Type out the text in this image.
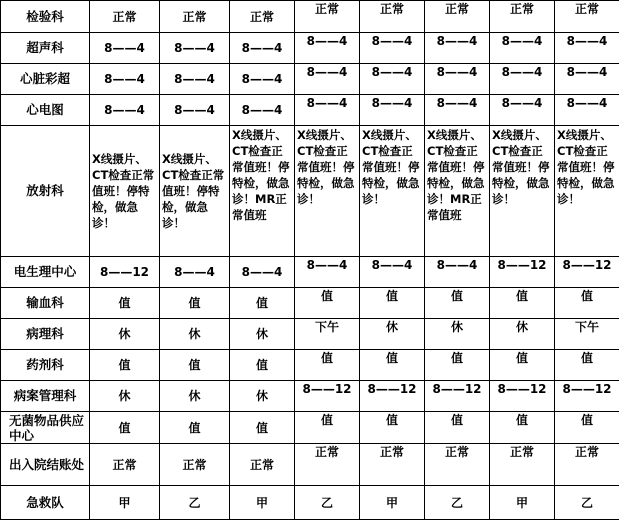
检验科	正常	正常	正常	正常	正常	正常	正常	正常
超声科	8——4	8——4	8——4	8——4	8——4	8——4	8——4	8——4
心脏彩超	8——4	8——4	8——4	8——4	8——4	8——4	8——4	8——4
心电图	8——4	8——4	8——4	8——4	8——4	8——4	8——4	8——4
放射科	X线摄片、CT检查正常值班！停特检，做急诊！	X线摄片、CT检查正常值班！停特检，做急诊！	X线摄片、CT检查正常值班！停特检，做急诊！MR正常值班	X线摄片、CT检查正常值班！停特检，做急诊！	X线摄片、CT检查正常值班！停特检，做急诊！	X线摄片、CT检查正常值班！停特检，做急诊！MR正常值班	X线摄片、CT检查正常值班！停特检，做急诊！	X线摄片、CT检查正常值班！停特检，做急诊！
电生理中心	8——12	8——4	8——4	8——4	8——4	8——4	8——12	8——12
输血科	值	值	值	值	值	值	值	值
病理科	休	休	休	下午	休	休	休	下午
药剂科	值	值	值	值	值	值	值	值
病案管理科	休	休	休	8——12	8——12	8——12	8——12	8——12
无菌物品供应中心	值	值	值	值	值	值	值	值
出入院结账处	正常	正常	正常	正常	正常	正常	正常	正常
急救队	甲	乙	甲	乙	甲	乙	甲	乙
